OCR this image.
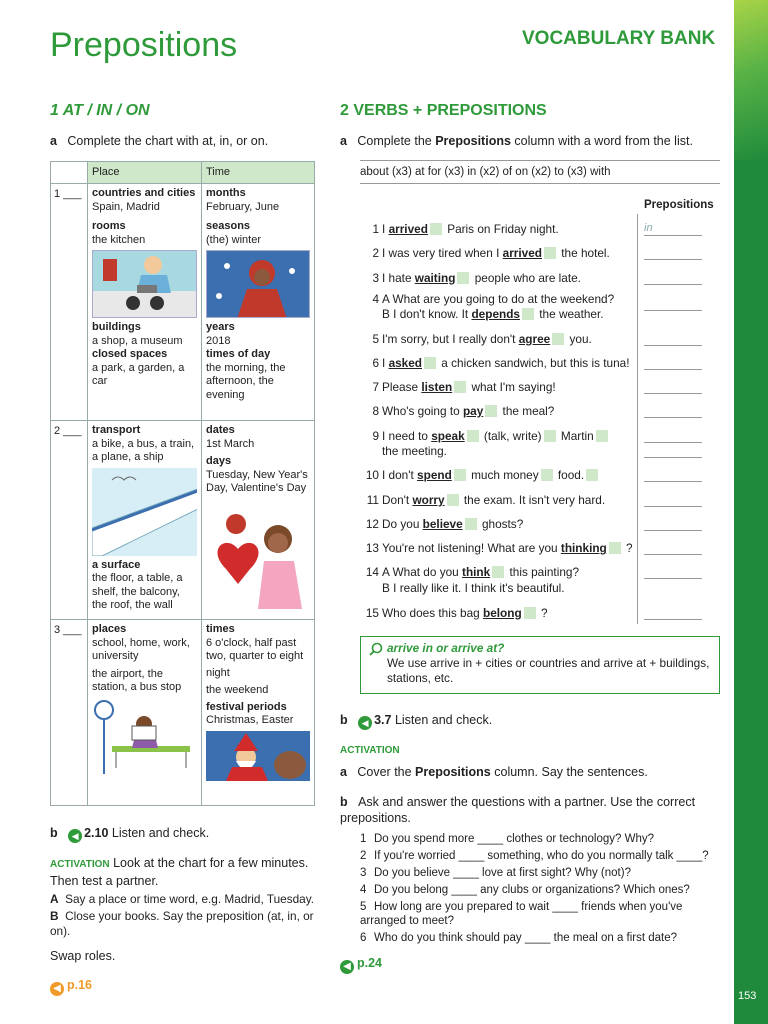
153
Prepositions	VOCABULARY BANK
1 AT / IN / ON
a Complete the chart with at, in, or on.
Place	Time
1 ___ countries and cities
Spain, Madrid
rooms
the kitchen
buildings
a shop, a museum
closed spaces
a park, a garden, a car
months
February, June
seasons
(the) winter
years
2018
times of day
the morning, the afternoon, the evening
2 ___ transport
a bike, a bus, a train, a plane, a ship
a surface
the floor, a table, a shelf, the balcony, the roof, the wall
dates
1st March
days
Tuesday, New Year's Day, Valentine's Day
3 ___ places
school, home, work, university
the airport, the station, a bus stop
times
6 o'clock, half past two, quarter to eight
night
the weekend
festival periods
Christmas, Easter
b ◀ 2.10 Listen and check.
ACTIVATION Look at the chart for a few minutes. Then test a partner.
A Say a place or time word, e.g. Madrid, Tuesday.
B Close your books. Say the preposition (at, in, or on).
Swap roles.
◀ p.16
2 VERBS + PREPOSITIONS
a Complete the Prepositions column with a word from the list.
about (x3) at for (x3) in (x2) of on (x2) to (x3) with
Prepositions
1 I arrived Paris on Friday night.
2 I was very tired when I arrived the hotel.
3 I hate waiting people who are late.
4 A What are you going to do at the weekend?
B I don't know. It depends the weather.
5 I'm sorry, but I really don't agree you.
6 I asked a chicken sandwich, but this is tuna!
7 Please listen what I'm saying!
8 Who's going to pay the meal?
9 I need to speak (talk, write) Martin
the meeting.
10 I don't spend much money food.
11 Don't worry the exam. It isn't very hard.
12 Do you believe ghosts?
13 You're not listening! What are you thinking ?
14 A What do you think this painting?
B I really like it. I think it's beautiful.
15 Who does this bag belong ?
in
arrive in or arrive at?
We use arrive in + cities or countries and arrive at + buildings, stations, etc.
b ◀ 3.7 Listen and check.
ACTIVATION
a Cover the Prepositions column. Say the sentences.
b Ask and answer the questions with a partner. Use the correct prepositions.
1 Do you spend more ____ clothes or technology? Why?
2 If you're worried ____ something, who do you normally talk ____?
3 Do you believe ____ love at first sight? Why (not)?
4 Do you belong ____ any clubs or organizations? Which ones?
5 How long are you prepared to wait ____ friends when you've arranged to meet?
6 Who do you think should pay ____ the meal on a first date?
◀ p.24
